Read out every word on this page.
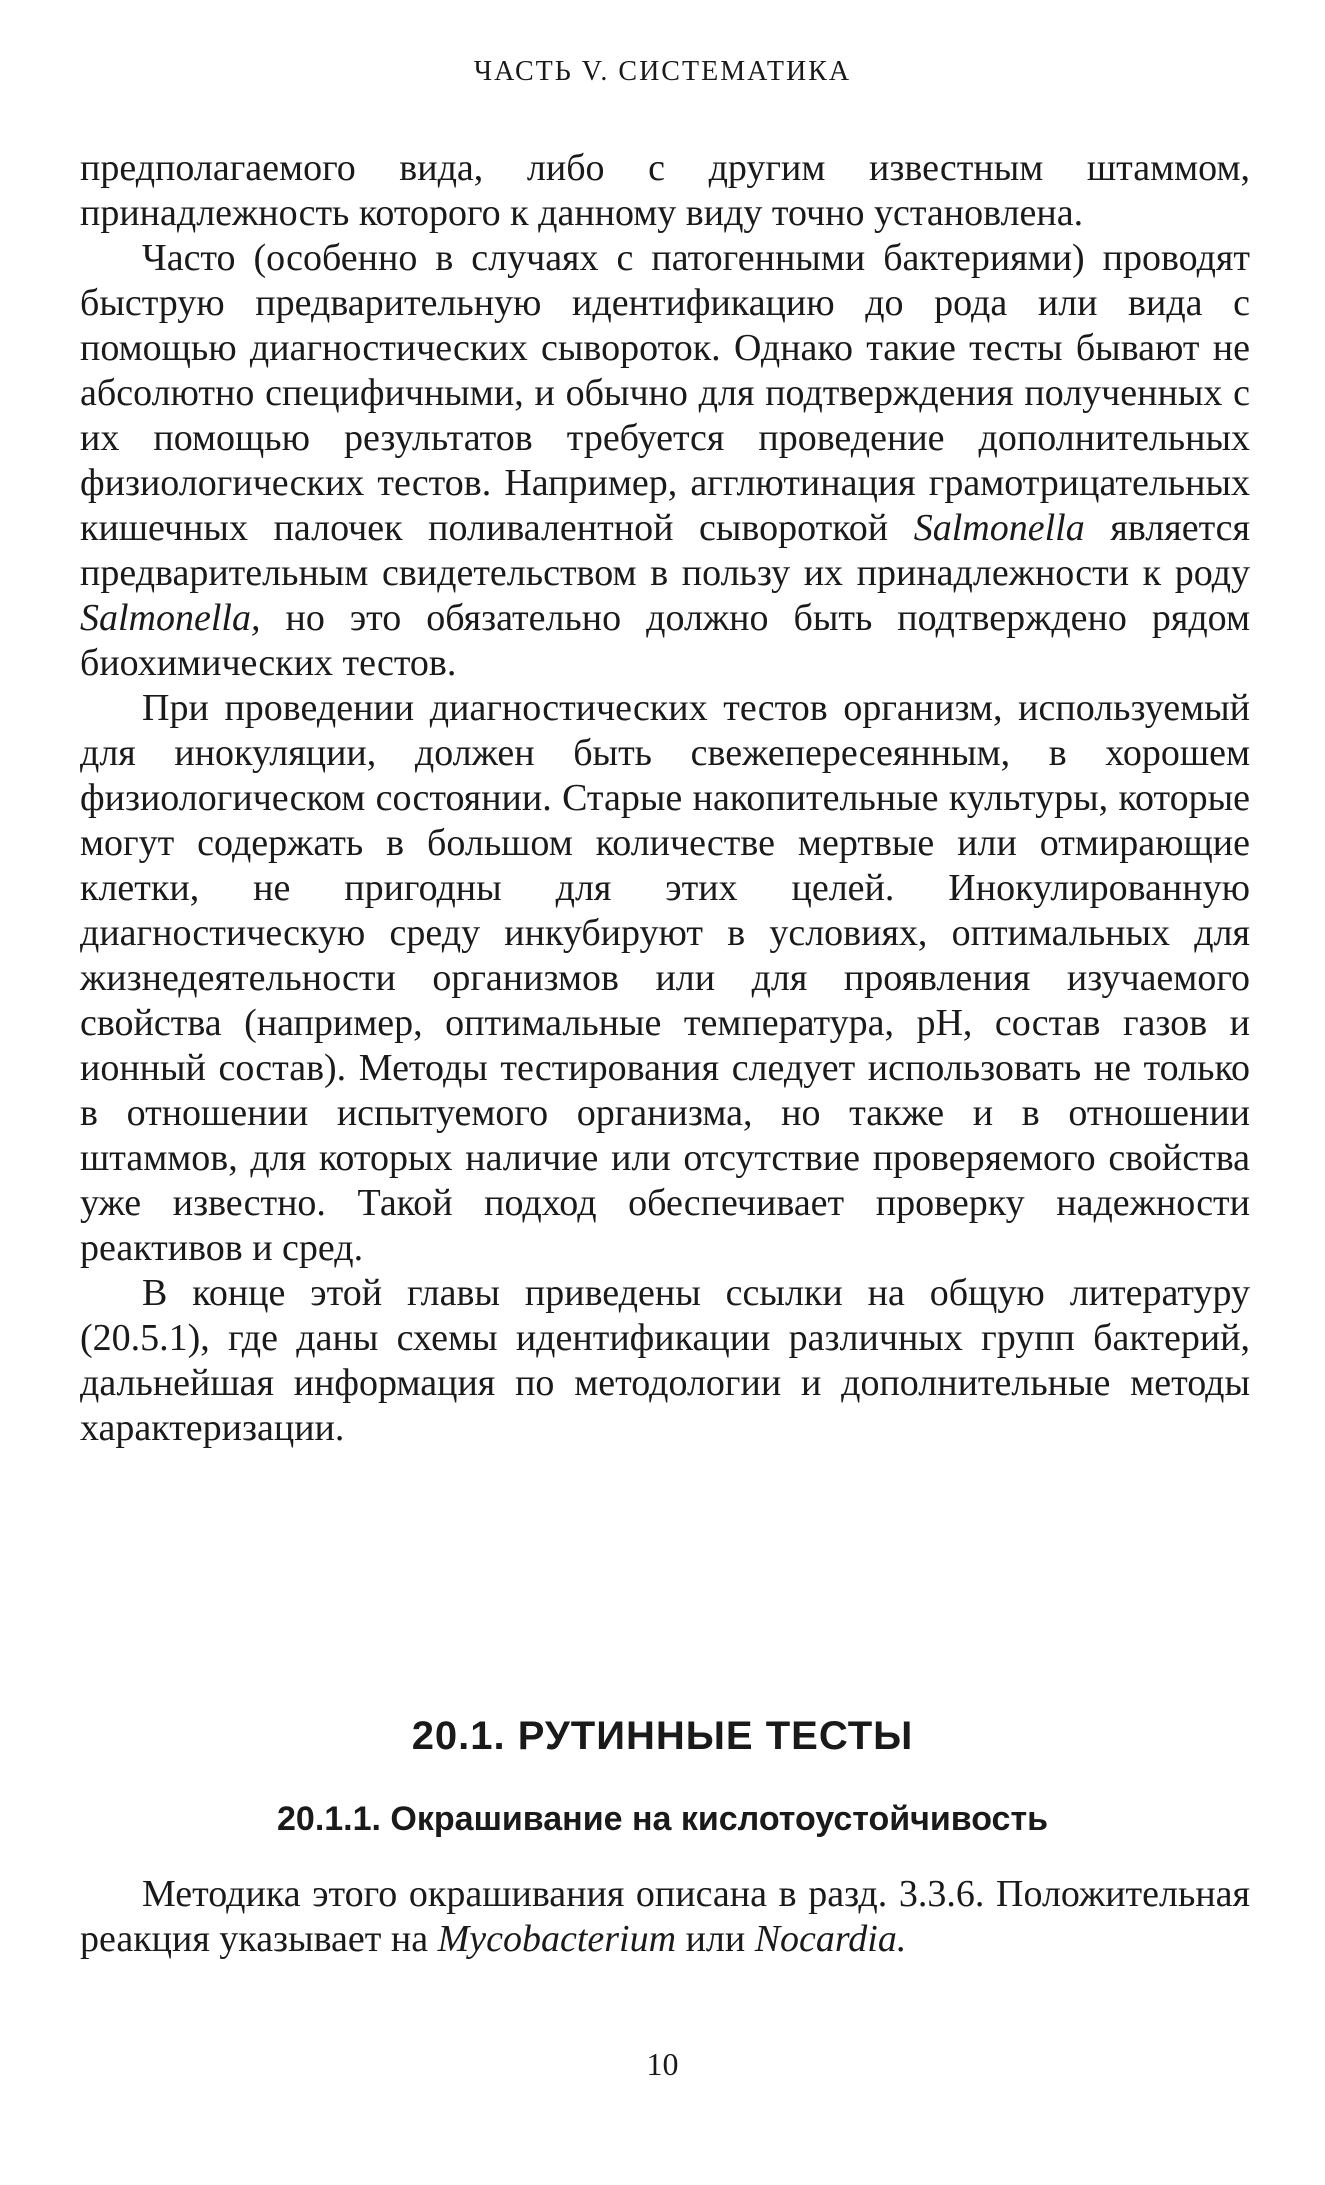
ЧАСТЬ V. СИСТЕМАТИКА

предполагаемого вида, либо с другим известным штаммом, принадлежность которого к данному виду точно установлена.

Часто (особенно в случаях с патогенными бактериями) проводят быструю предварительную идентификацию до рода или вида с помощью диагностических сывороток. Однако такие тесты бывают не абсолютно специфичными, и обычно для подтверждения полученных с их помощью результатов требуется проведение дополнительных физиологических тестов. Например, агглютинация грамотрицательных кишечных палочек поливалентной сывороткой Salmonella является предварительным свидетельством в пользу их принадлежности к роду Salmonella, но это обязательно должно быть подтверждено рядом биохимических тестов.

При проведении диагностических тестов организм, используемый для инокуляции, должен быть свежепересеянным, в хорошем физиологическом состоянии. Старые накопительные культуры, которые могут содержать в большом количестве мертвые или отмирающие клетки, не пригодны для этих целей. Инокулированную диагностическую среду инкубируют в условиях, оптимальных для жизнедеятельности организмов или для проявления изучаемого свойства (например, оптимальные температура, pH, состав газов и ионный состав). Методы тестирования следует использовать не только в отношении испытуемого организма, но также и в отношении штаммов, для которых наличие или отсутствие проверяемого свойства уже известно. Такой подход обеспечивает проверку надежности реактивов и сред.

В конце этой главы приведены ссылки на общую литературу (20.5.1), где даны схемы идентификации различных групп бактерий, дальнейшая информация по методологии и дополнительные методы характеризации.

20.1. РУТИННЫЕ ТЕСТЫ
20.1.1. Окрашивание на кислотоустойчивость

Методика этого окрашивания описана в разд. 3.3.6. Положительная реакция указывает на Mycobacterium или Nocardia.

10
